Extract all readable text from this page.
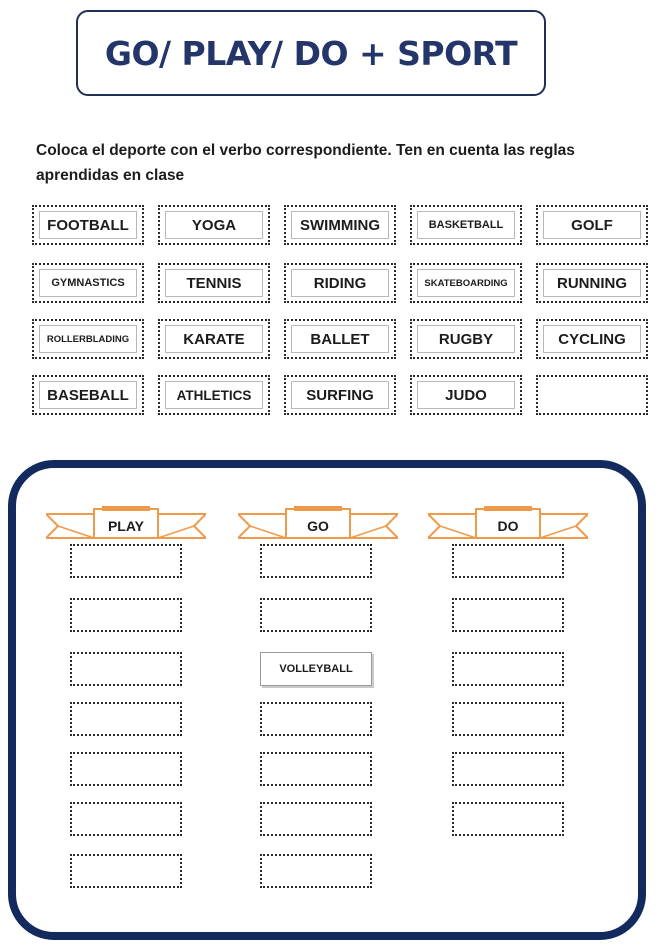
GO/ PLAY/ DO + SPORT
Coloca el deporte con el verbo correspondiente. Ten en cuenta las reglas aprendidas en clase
FOOTBALL	YOGA	SWIMMING	BASKETBALL	GOLF
GYMNASTICS	TENNIS	RIDING	SKATEBOARDING	RUNNING
ROLLERBLADING	KARATE	BALLET	RUGBY	CYCLING
BASEBALL	ATHLETICS	SURFING	JUDO
PLAY	GO
VOLLEYBALL
DO
